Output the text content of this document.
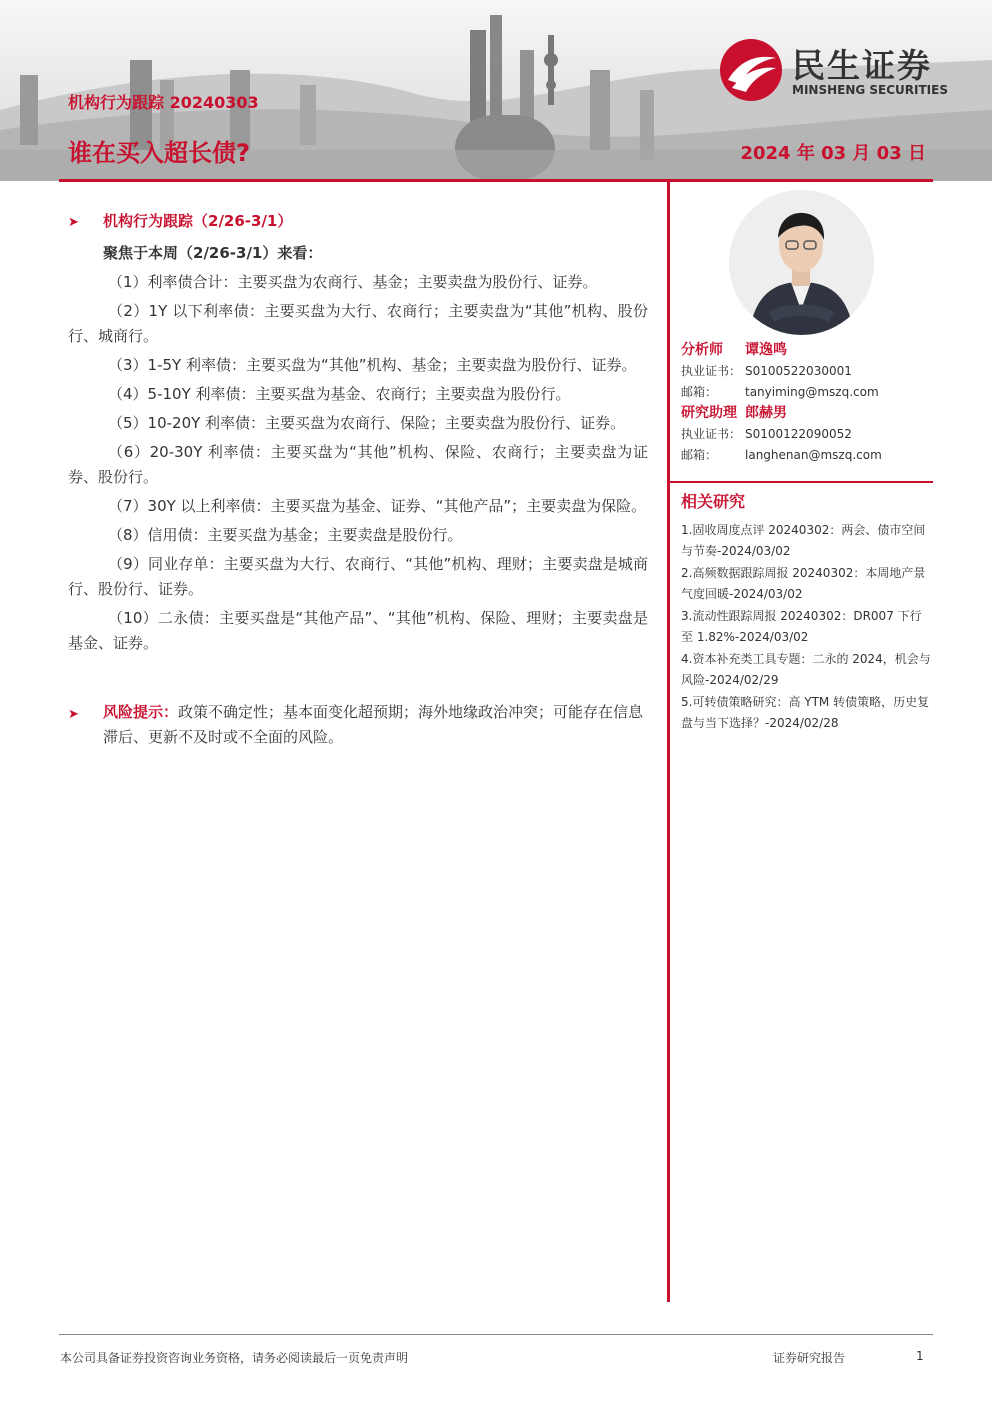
机构行为跟踪 20240303
谁在买入超长债?	2024 年 03 月 03 日
民生证券
MINSHENG SECURITIES
➤ 机构行为跟踪（2/26-3/1）
聚焦于本周（2/26-3/1）来看：
（1）利率债合计：主要买盘为农商行、基金；主要卖盘为股份行、证券。
（2）1Y 以下利率债：主要买盘为大行、农商行；主要卖盘为“其他”机构、股份行、城商行。
（3）1-5Y 利率债：主要买盘为“其他”机构、基金；主要卖盘为股份行、证券。
（4）5-10Y 利率债：主要买盘为基金、农商行；主要卖盘为股份行。
（5）10-20Y 利率债：主要买盘为农商行、保险；主要卖盘为股份行、证券。
（6）20-30Y 利率债：主要买盘为“其他”机构、保险、农商行；主要卖盘为证券、股份行。
（7）30Y 以上利率债：主要买盘为基金、证券、“其他产品”；主要卖盘为保险。
（8）信用债：主要买盘为基金；主要卖盘是股份行。
（9）同业存单：主要买盘为大行、农商行、“其他”机构、理财；主要卖盘是城商行、股份行、证券。
（10）二永债：主要买盘是“其他产品”、“其他”机构、保险、理财；主要卖盘是基金、证券。
➤ 风险提示：政策不确定性；基本面变化超预期；海外地缘政治冲突；可能存在信息滞后、更新不及时或不全面的风险。
分析师 谭逸鸣
执业证书： S0100522030001
邮箱： tanyiming@mszq.com
研究助理 郎赫男
执业证书： S0100122090052
邮箱： langhenan@mszq.com
相关研究
1.固收周度点评 20240302：两会、债市空间与节奏-2024/03/02
2.高频数据跟踪周报 20240302：本周地产景气度回暖-2024/03/02
3.流动性跟踪周报 20240302：DR007 下行至 1.82%-2024/03/02
4.资本补充类工具专题：二永的 2024，机会与风险-2024/02/29
5.可转债策略研究：高 YTM 转债策略，历史复盘与当下选择？-2024/02/28
本公司具备证券投资咨询业务资格，请务必阅读最后一页免责声明	证券研究报告	1
